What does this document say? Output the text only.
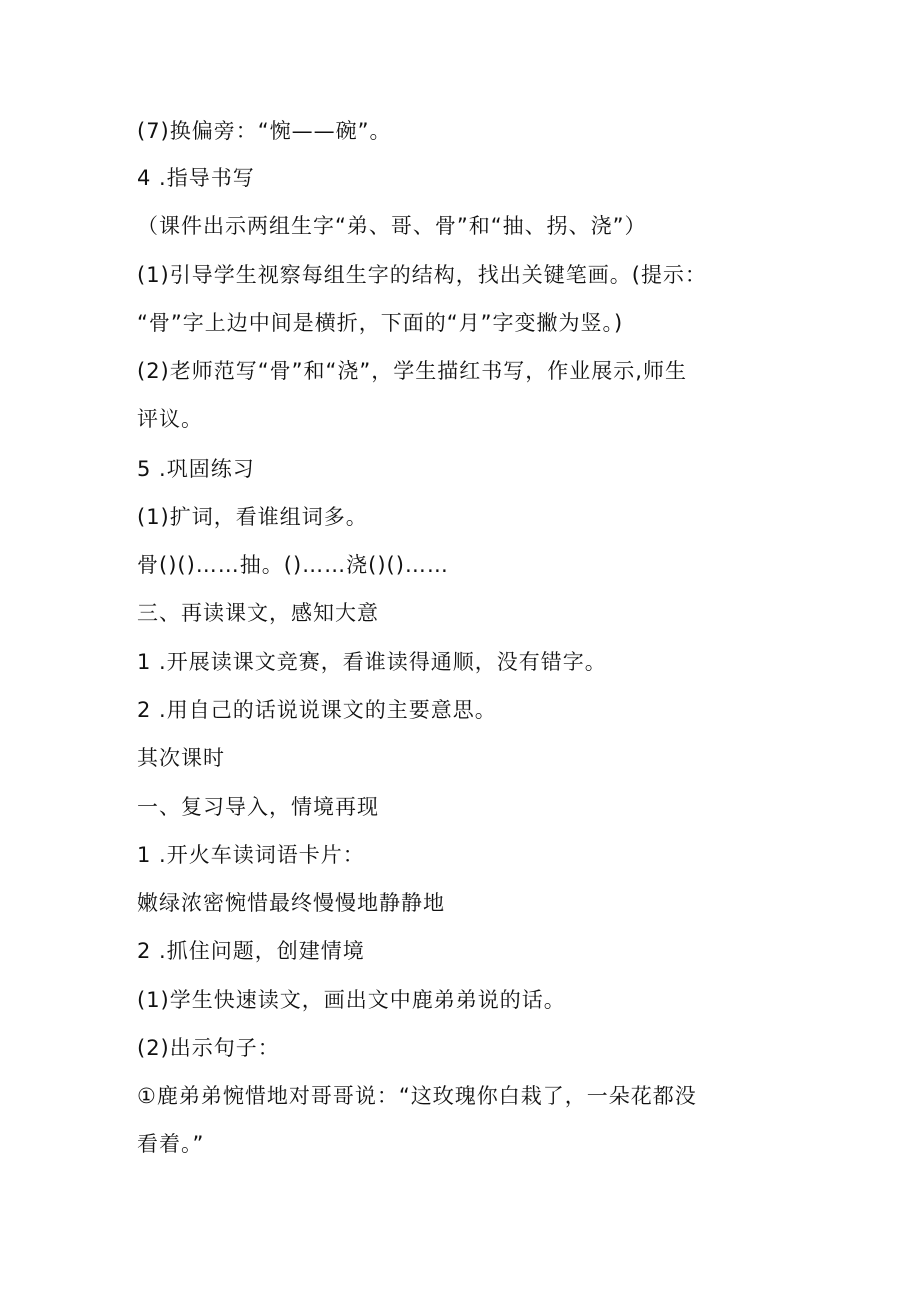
(7)换偏旁：“惋——碗”。
4 .指导书写
（课件出示两组生字“弟、哥、骨”和“抽、拐、浇”）
(1)引导学生视察每组生字的结构，找出关键笔画。(提示：
“骨”字上边中间是横折，下面的“月”字变撇为竖。)
(2)老师范写“骨”和“浇”，学生描红书写，作业展示,师生
评议。
5 .巩固练习
(1)扩词，看谁组词多。
骨()()……抽。()……浇()()……
三、再读课文，感知大意
1 .开展读课文竞赛，看谁读得通顺，没有错字。
2 .用自己的话说说课文的主要意思。
其次课时
一、复习导入，情境再现
1 .开火车读词语卡片：
嫩绿浓密惋惜最终慢慢地静静地
2 .抓住问题，创建情境
(1)学生快速读文，画出文中鹿弟弟说的话。
(2)出示句子：
①鹿弟弟惋惜地对哥哥说：“这玫瑰你白栽了，一朵花都没
看着。”
